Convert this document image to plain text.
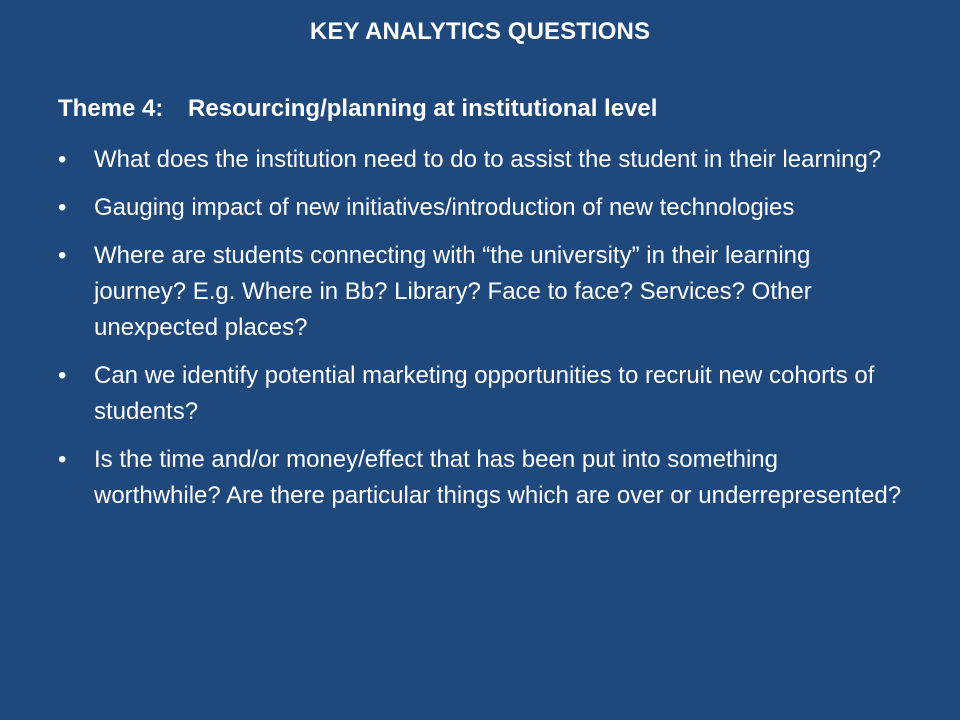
KEY ANALYTICS QUESTIONS
Theme 4: Resourcing/planning at institutional level
•	What does the institution need to do to assist the student in their learning?
•	Gauging impact of new initiatives/introduction of new technologies
•	Where are students connecting with “the university” in their learning journey? E.g. Where in Bb? Library? Face to face? Services? Other unexpected places?
•	Can we identify potential marketing opportunities to recruit new cohorts of students?
•	Is the time and/or money/effect that has been put into something worthwhile? Are there particular things which are over or underrepresented?
